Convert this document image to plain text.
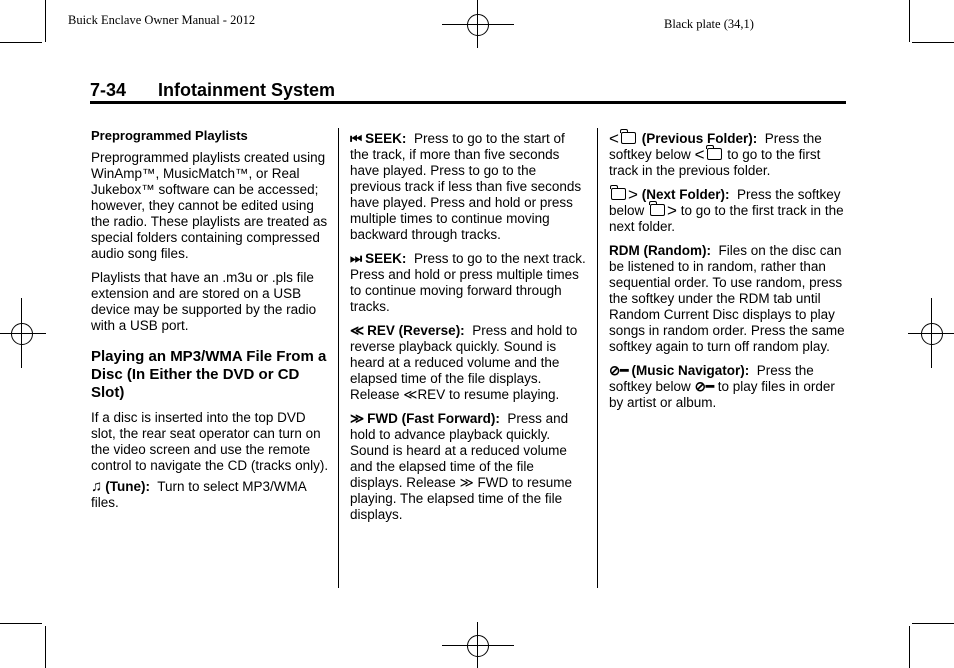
Buick Enclave Owner Manual - 2012	Black plate (34,1)
7-34 Infotainment System

Preprogrammed Playlists

Preprogrammed playlists created using WinAmp™, MusicMatch™, or Real Jukebox™ software can be accessed; however, they cannot be edited using the radio. These playlists are treated as special folders containing compressed audio song files.

Playlists that have an .m3u or .pls file extension and are stored on a USB device may be supported by the radio with a USB port.

Playing an MP3/WMA File From a Disc (In Either the DVD or CD Slot)

If a disc is inserted into the top DVD slot, the rear seat operator can turn on the video screen and use the remote control to navigate the CD (tracks only).

♫ (Tune): Turn to select MP3/WMA files.

⏮ SEEK: Press to go to the start of the track, if more than five seconds have played. Press to go to the previous track if less than five seconds have played. Press and hold or press multiple times to continue moving backward through tracks.

⏭ SEEK: Press to go to the next track. Press and hold or press multiple times to continue moving forward through tracks.

≪ REV (Reverse): Press and hold to reverse playback quickly. Sound is heard at a reduced volume and the elapsed time of the file displays. Release ≪REV to resume playing.

≫ FWD (Fast Forward): Press and hold to advance playback quickly. Sound is heard at a reduced volume and the elapsed time of the file displays. Release ≫ FWD to resume playing. The elapsed time of the file displays.

< (Previous Folder): Press the softkey below < to go to the first track in the previous folder.

> (Next Folder): Press the softkey below > to go to the first track in the next folder.

RDM (Random): Files on the disc can be listened to in random, rather than sequential order. To use random, press the softkey under the RDM tab until Random Current Disc displays to play songs in random order. Press the same softkey again to turn off random play.

⊘━ (Music Navigator): Press the softkey below ⊘━ to play files in order by artist or album.
